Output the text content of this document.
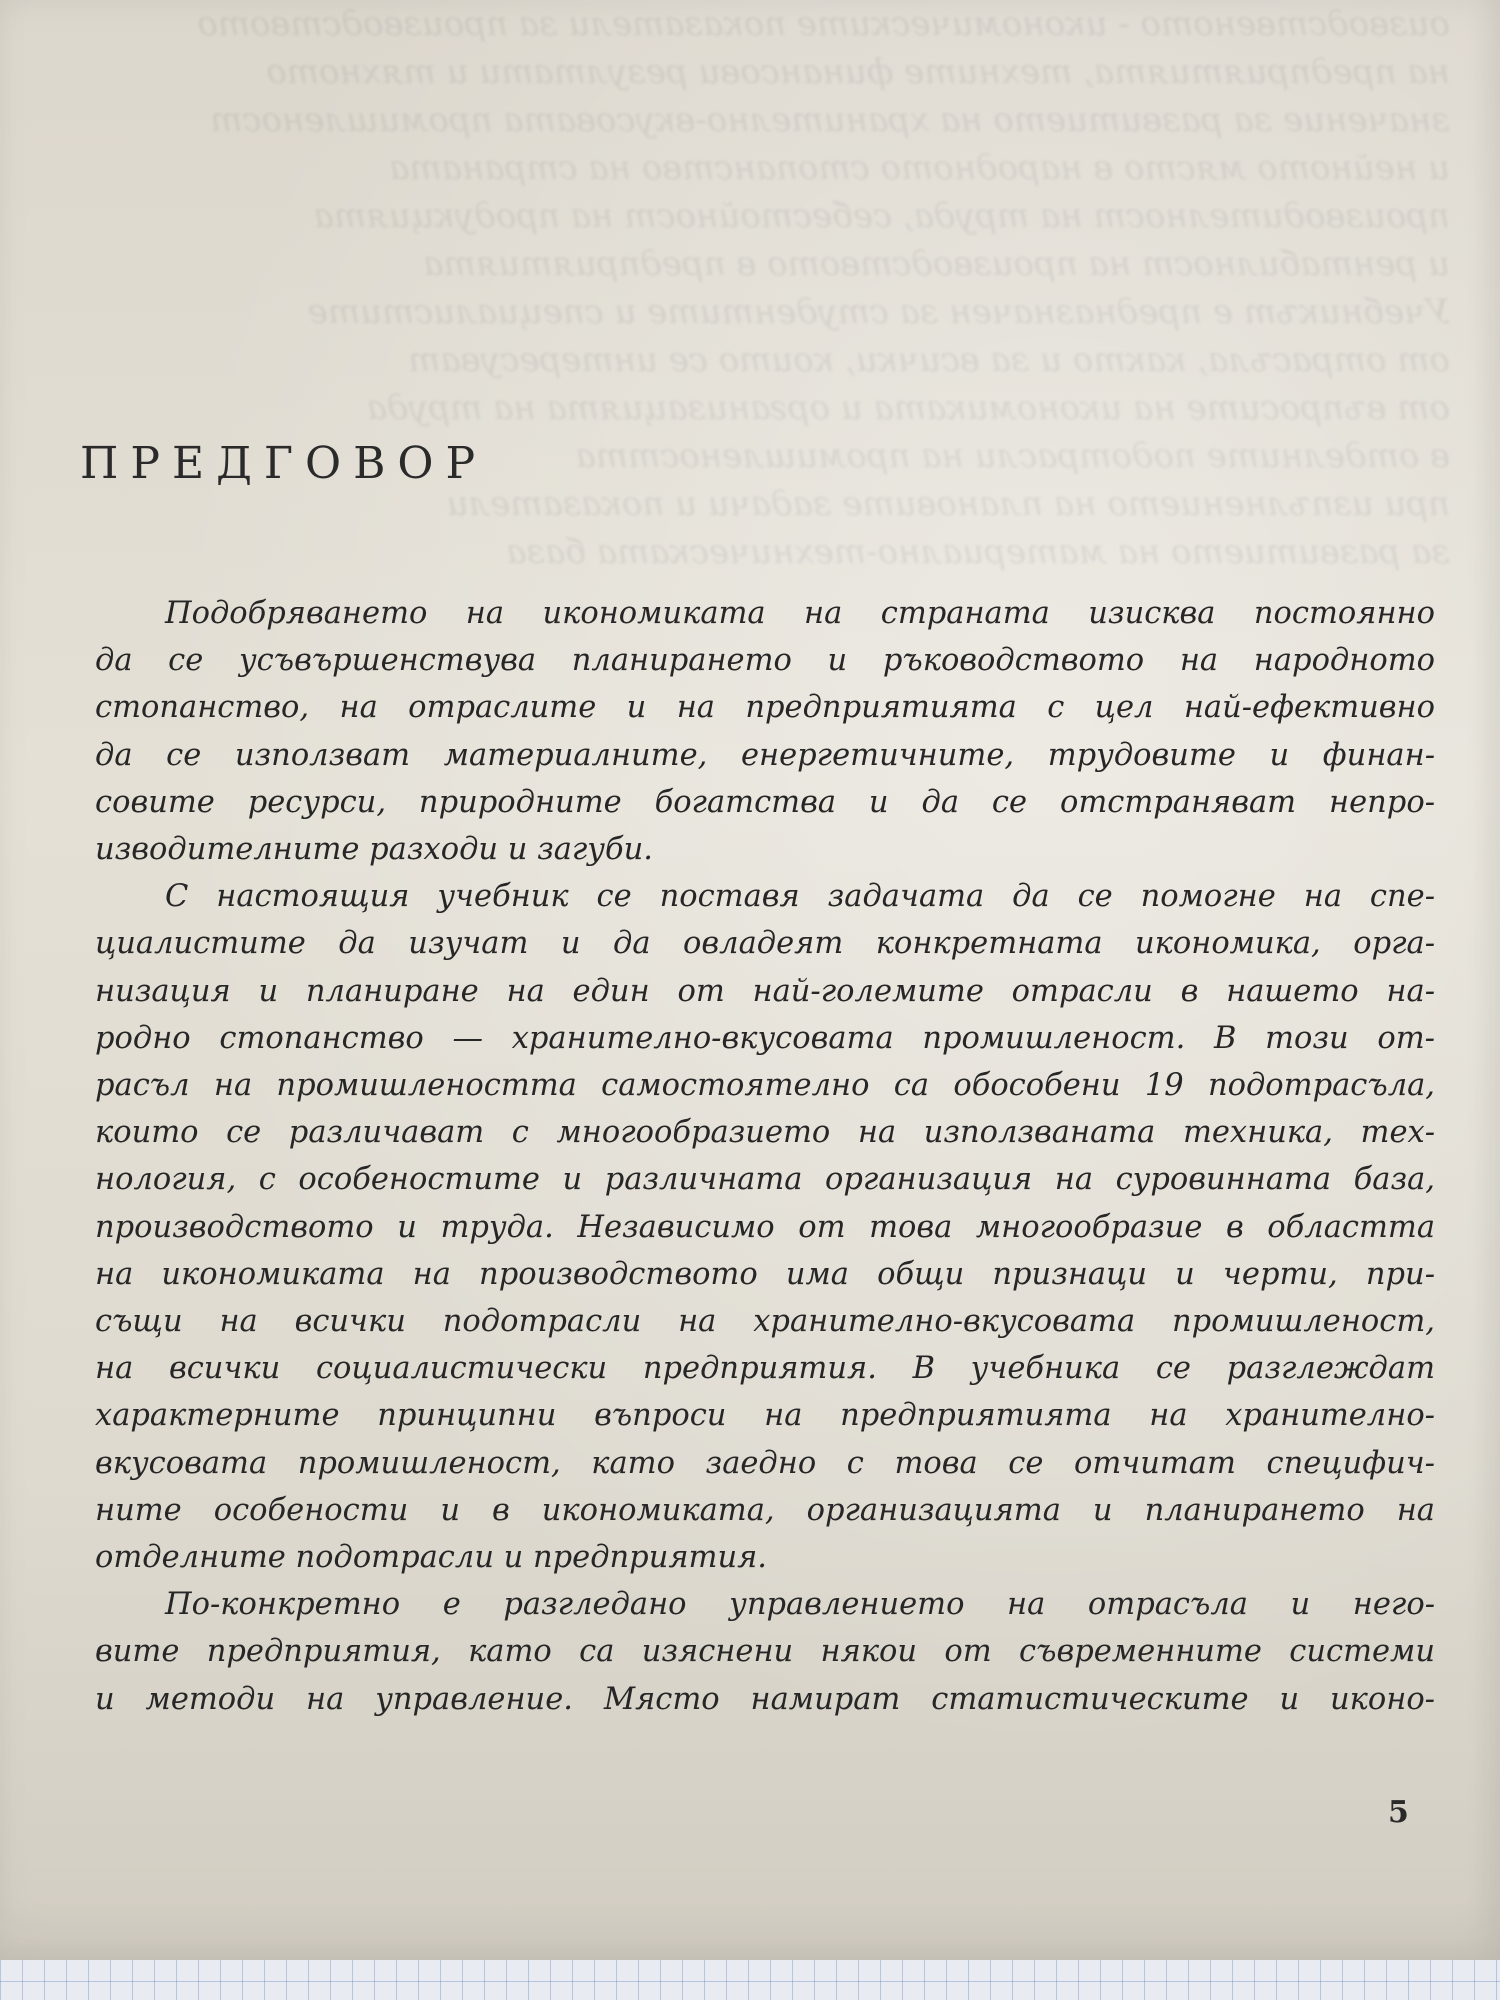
оизводственото - икономическите показатели за производството
на предприятията, техните финансови резултати и тяхното
значение за развитието на хранително-вкусовата промишленост
и нейното място в народното стопанство на страната
производителност на труда, себестойност на продукцията
и рентабилност на производството в предприятията
Учебникът е предназначен за студентите и специалистите
от отрасъла, както и за всички, които се интересуват
от въпросите на икономиката и организацията на труда
в отделните подотрасли на промишлеността
при изпълнението на плановите задачи и показатели
за развитието на материално-техническата база
ПРЕДГОВОР
Подобряването на икономиката на страната изисква постоянно
да се усъвършенствува планирането и ръководството на народното
стопанство, на отраслите и на предприятията с цел най-ефективно
да се използват материалните, енергетичните, трудовите и финан-
совите ресурси, природните богатства и да се отстраняват непро-
изводителните разходи и загуби.
С настоящия учебник се поставя задачата да се помогне на спе-
циалистите да изучат и да овладеят конкретната икономика, орга-
низация и планиране на един от най-големите отрасли в нашето на-
родно стопанство — хранително-вкусовата промишленост. В този от-
расъл на промишлеността самостоятелно са обособени 19 подотрасъла,
които се различават с многообразието на използваната техника, тех-
нология, с особеностите и различната организация на суровинната база,
производството и труда. Независимо от това многообразие в областта
на икономиката на производството има общи признаци и черти, при-
същи на всички подотрасли на хранително-вкусовата промишленост,
на всички социалистически предприятия. В учебника се разглеждат
характерните принципни въпроси на предприятията на хранително-
вкусовата промишленост, като заедно с това се отчитат специфич-
ните особености и в икономиката, организацията и планирането на
отделните подотрасли и предприятия.
По-конкретно е разгледано управлението на отрасъла и него-
вите предприятия, като са изяснени някои от съвременните системи
и методи на управление. Място намират статистическите и иконо-
5
